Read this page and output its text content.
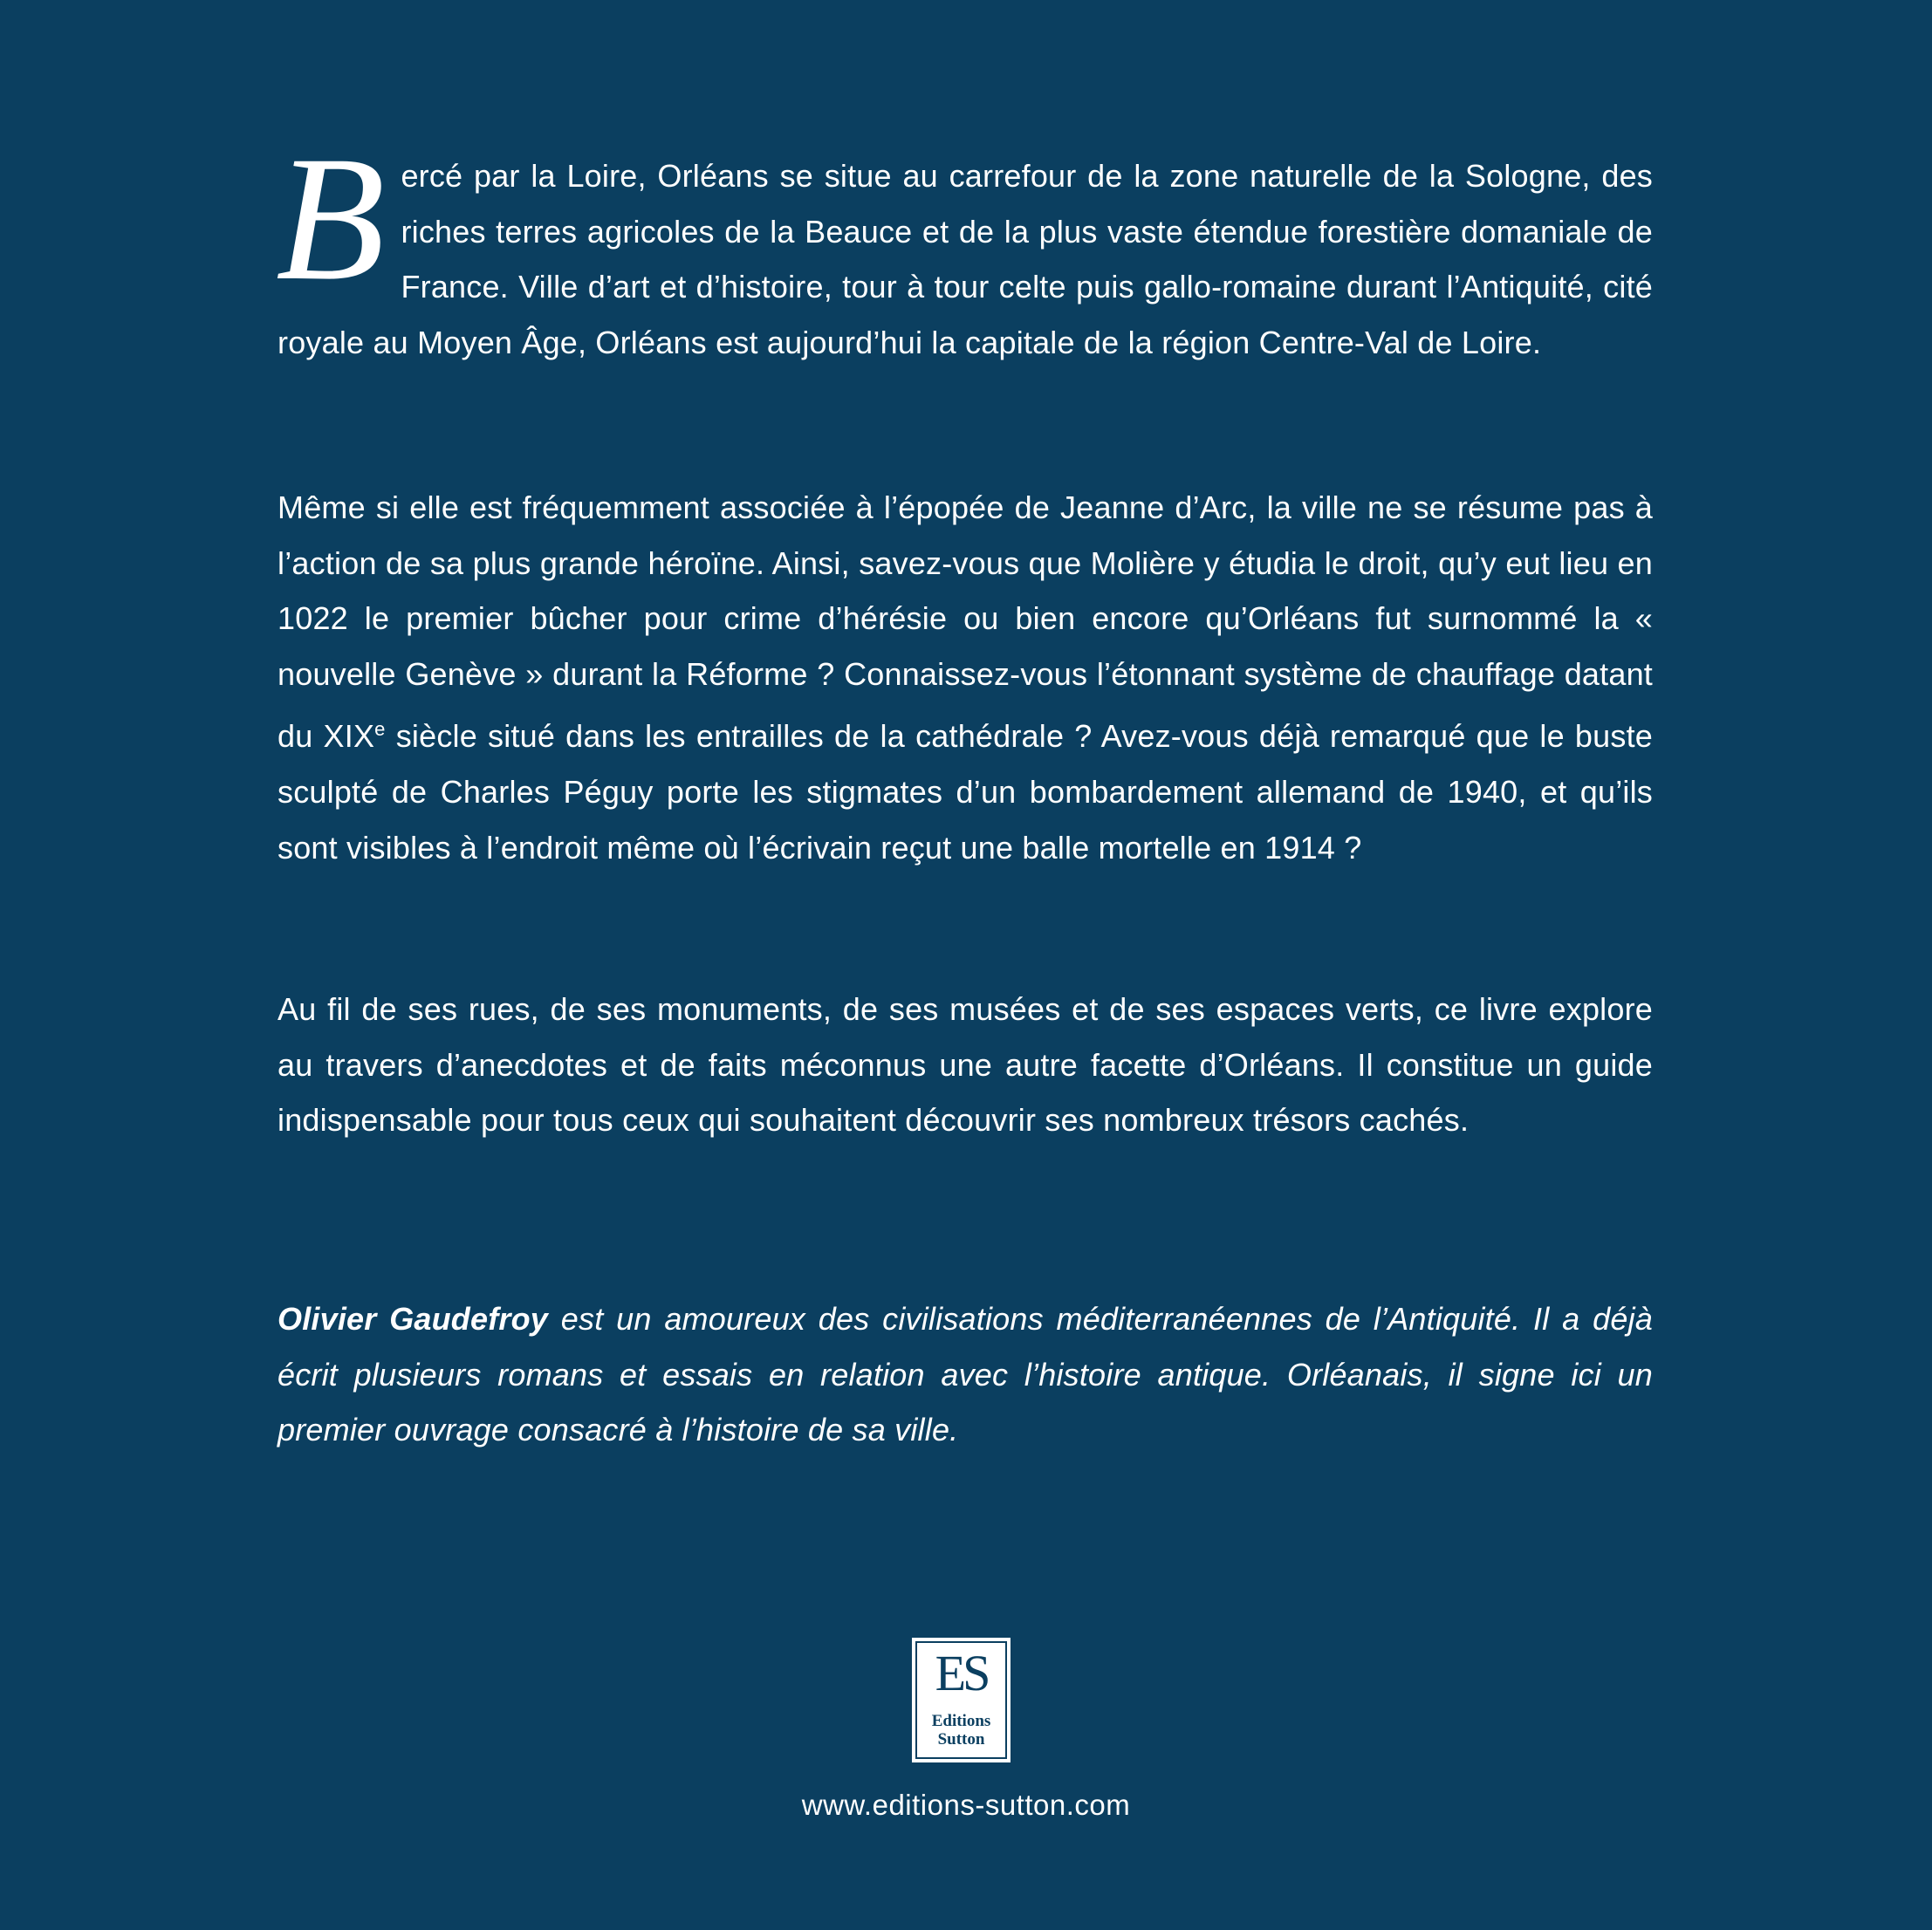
B ercé par la Loire, Orléans se situe au carrefour de la zone naturelle de la Sologne, des riches terres agricoles de la Beauce et de la plus vaste étendue forestière domaniale de France. Ville d’art et d’histoire, tour à tour celte puis gallo-romaine durant l’Antiquité, cité royale au Moyen Âge, Orléans est aujourd’hui la capitale de la région Centre-Val de Loire.

Même si elle est fréquemment associée à l’épopée de Jeanne d’Arc, la ville ne se résume pas à l’action de sa plus grande héroïne. Ainsi, savez-vous que Molière y étudia le droit, qu’y eut lieu en 1022 le premier bûcher pour crime d’hérésie ou bien encore qu’Orléans fut surnommé la « nouvelle Genève » durant la Réforme ? Connaissez-vous l’étonnant système de chauffage datant du XIXe siècle situé dans les entrailles de la cathédrale ? Avez-vous déjà remarqué que le buste sculpté de Charles Péguy porte les stigmates d’un bombardement allemand de 1940, et qu’ils sont visibles à l’endroit même où l’écrivain reçut une balle mortelle en 1914 ?

Au fil de ses rues, de ses monuments, de ses musées et de ses espaces verts, ce livre explore au travers d’anecdotes et de faits méconnus une autre facette d’Orléans. Il constitue un guide indispensable pour tous ceux qui souhaitent découvrir ses nombreux trésors cachés.

Olivier Gaudefroy est un amoureux des civilisations méditerranéennes de l’Antiquité. Il a déjà écrit plusieurs romans et essais en relation avec l’histoire antique. Orléanais, il signe ici un premier ouvrage consacré à l’histoire de sa ville.

ES
Editions
Sutton
www.editions-sutton.com
